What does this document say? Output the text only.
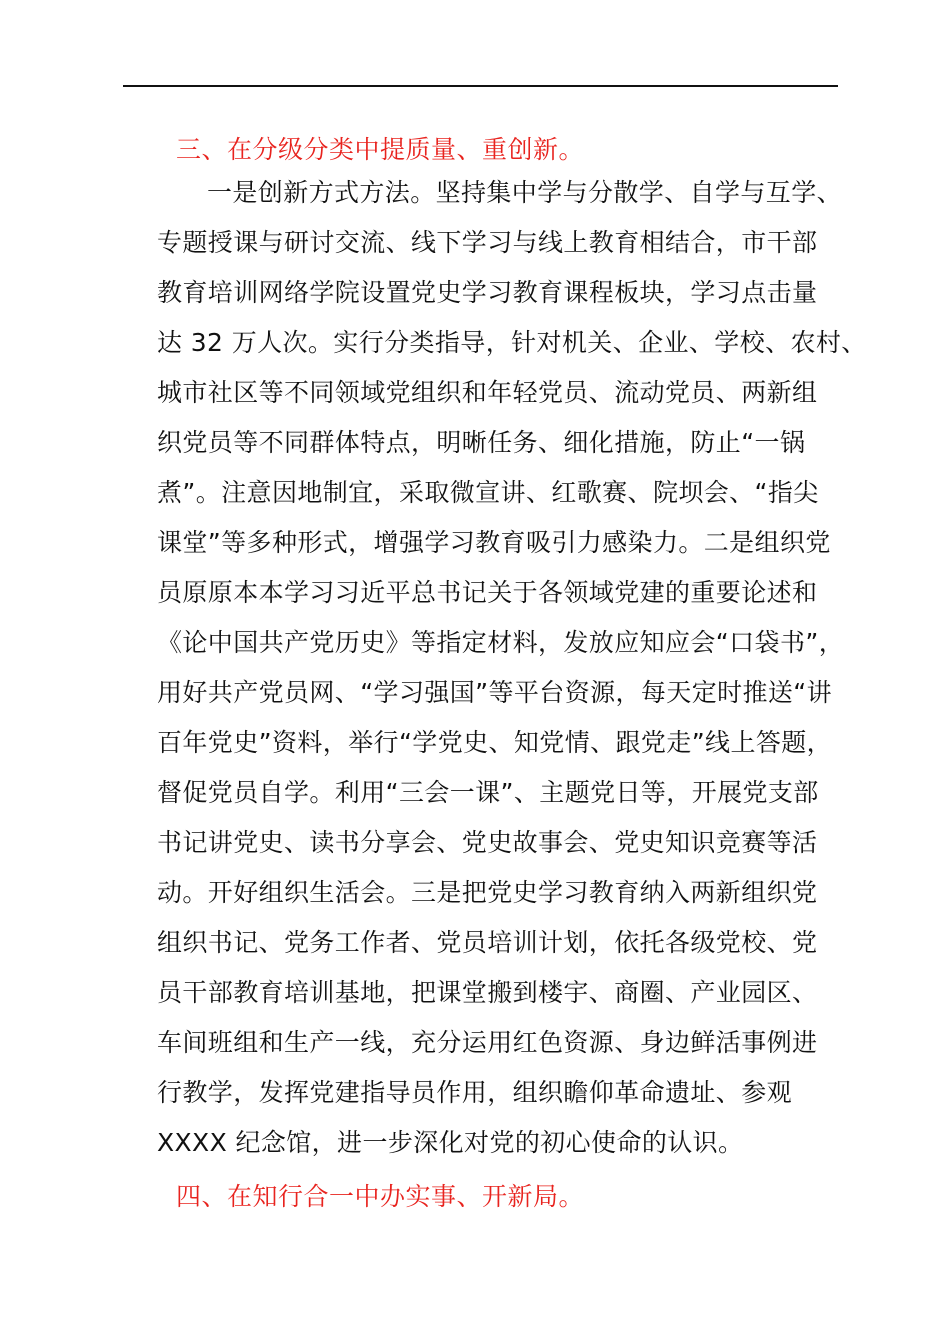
三、在分级分类中提质量、重创新。
一是创新方式方法。坚持集中学与分散学、自学与互学、
专题授课与研讨交流、线下学习与线上教育相结合，市干部
教育培训网络学院设置党史学习教育课程板块，学习点击量
达 32 万人次。实行分类指导，针对机关、企业、学校、农村、
城市社区等不同领域党组织和年轻党员、流动党员、两新组
织党员等不同群体特点，明晰任务、细化措施，防止“一锅
煮”。注意因地制宜，采取微宣讲、红歌赛、院坝会、“指尖
课堂”等多种形式，增强学习教育吸引力感染力。二是组织党
员原原本本学习习近平总书记关于各领域党建的重要论述和
《论中国共产党历史》等指定材料，发放应知应会“口袋书”，
用好共产党员网、“学习强国”等平台资源，每天定时推送“讲
百年党史”资料，举行“学党史、知党情、跟党走”线上答题，
督促党员自学。利用“三会一课”、主题党日等，开展党支部
书记讲党史、读书分享会、党史故事会、党史知识竞赛等活
动。开好组织生活会。三是把党史学习教育纳入两新组织党
组织书记、党务工作者、党员培训计划，依托各级党校、党
员干部教育培训基地，把课堂搬到楼宇、商圈、产业园区、
车间班组和生产一线，充分运用红色资源、身边鲜活事例进
行教学，发挥党建指导员作用，组织瞻仰革命遗址、参观
XXXX 纪念馆，进一步深化对党的初心使命的认识。
四、在知行合一中办实事、开新局。
